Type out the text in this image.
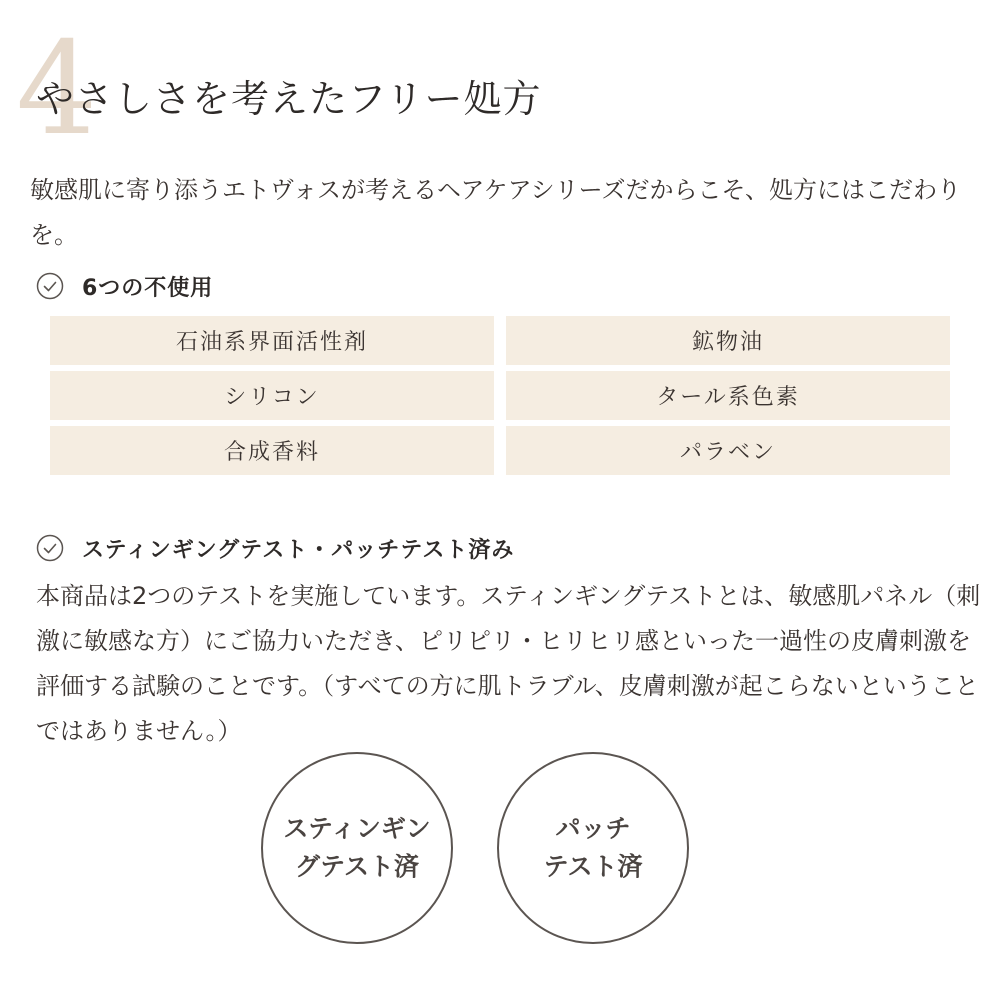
4
やさしさを考えたフリー処方

敏感肌に寄り添うエトヴォスが考えるヘアケアシリーズだからこそ、処方にはこだわりを。

6つの不使用
石油系界面活性剤	鉱物油
シリコン	タール系色素
合成香料	パラベン
スティンギングテスト・パッチテスト済み

本商品は2つのテストを実施しています。スティンギングテストとは、敏感肌パネル（刺激に敏感な方）にご協力いただき、ピリピリ・ヒリヒリ感といった一過性の皮膚刺激を評価する試験のことです。（すべての方に肌トラブル、皮膚刺激が起こらないということではありません。）

スティンギン
グテスト済
パッチ
テスト済
